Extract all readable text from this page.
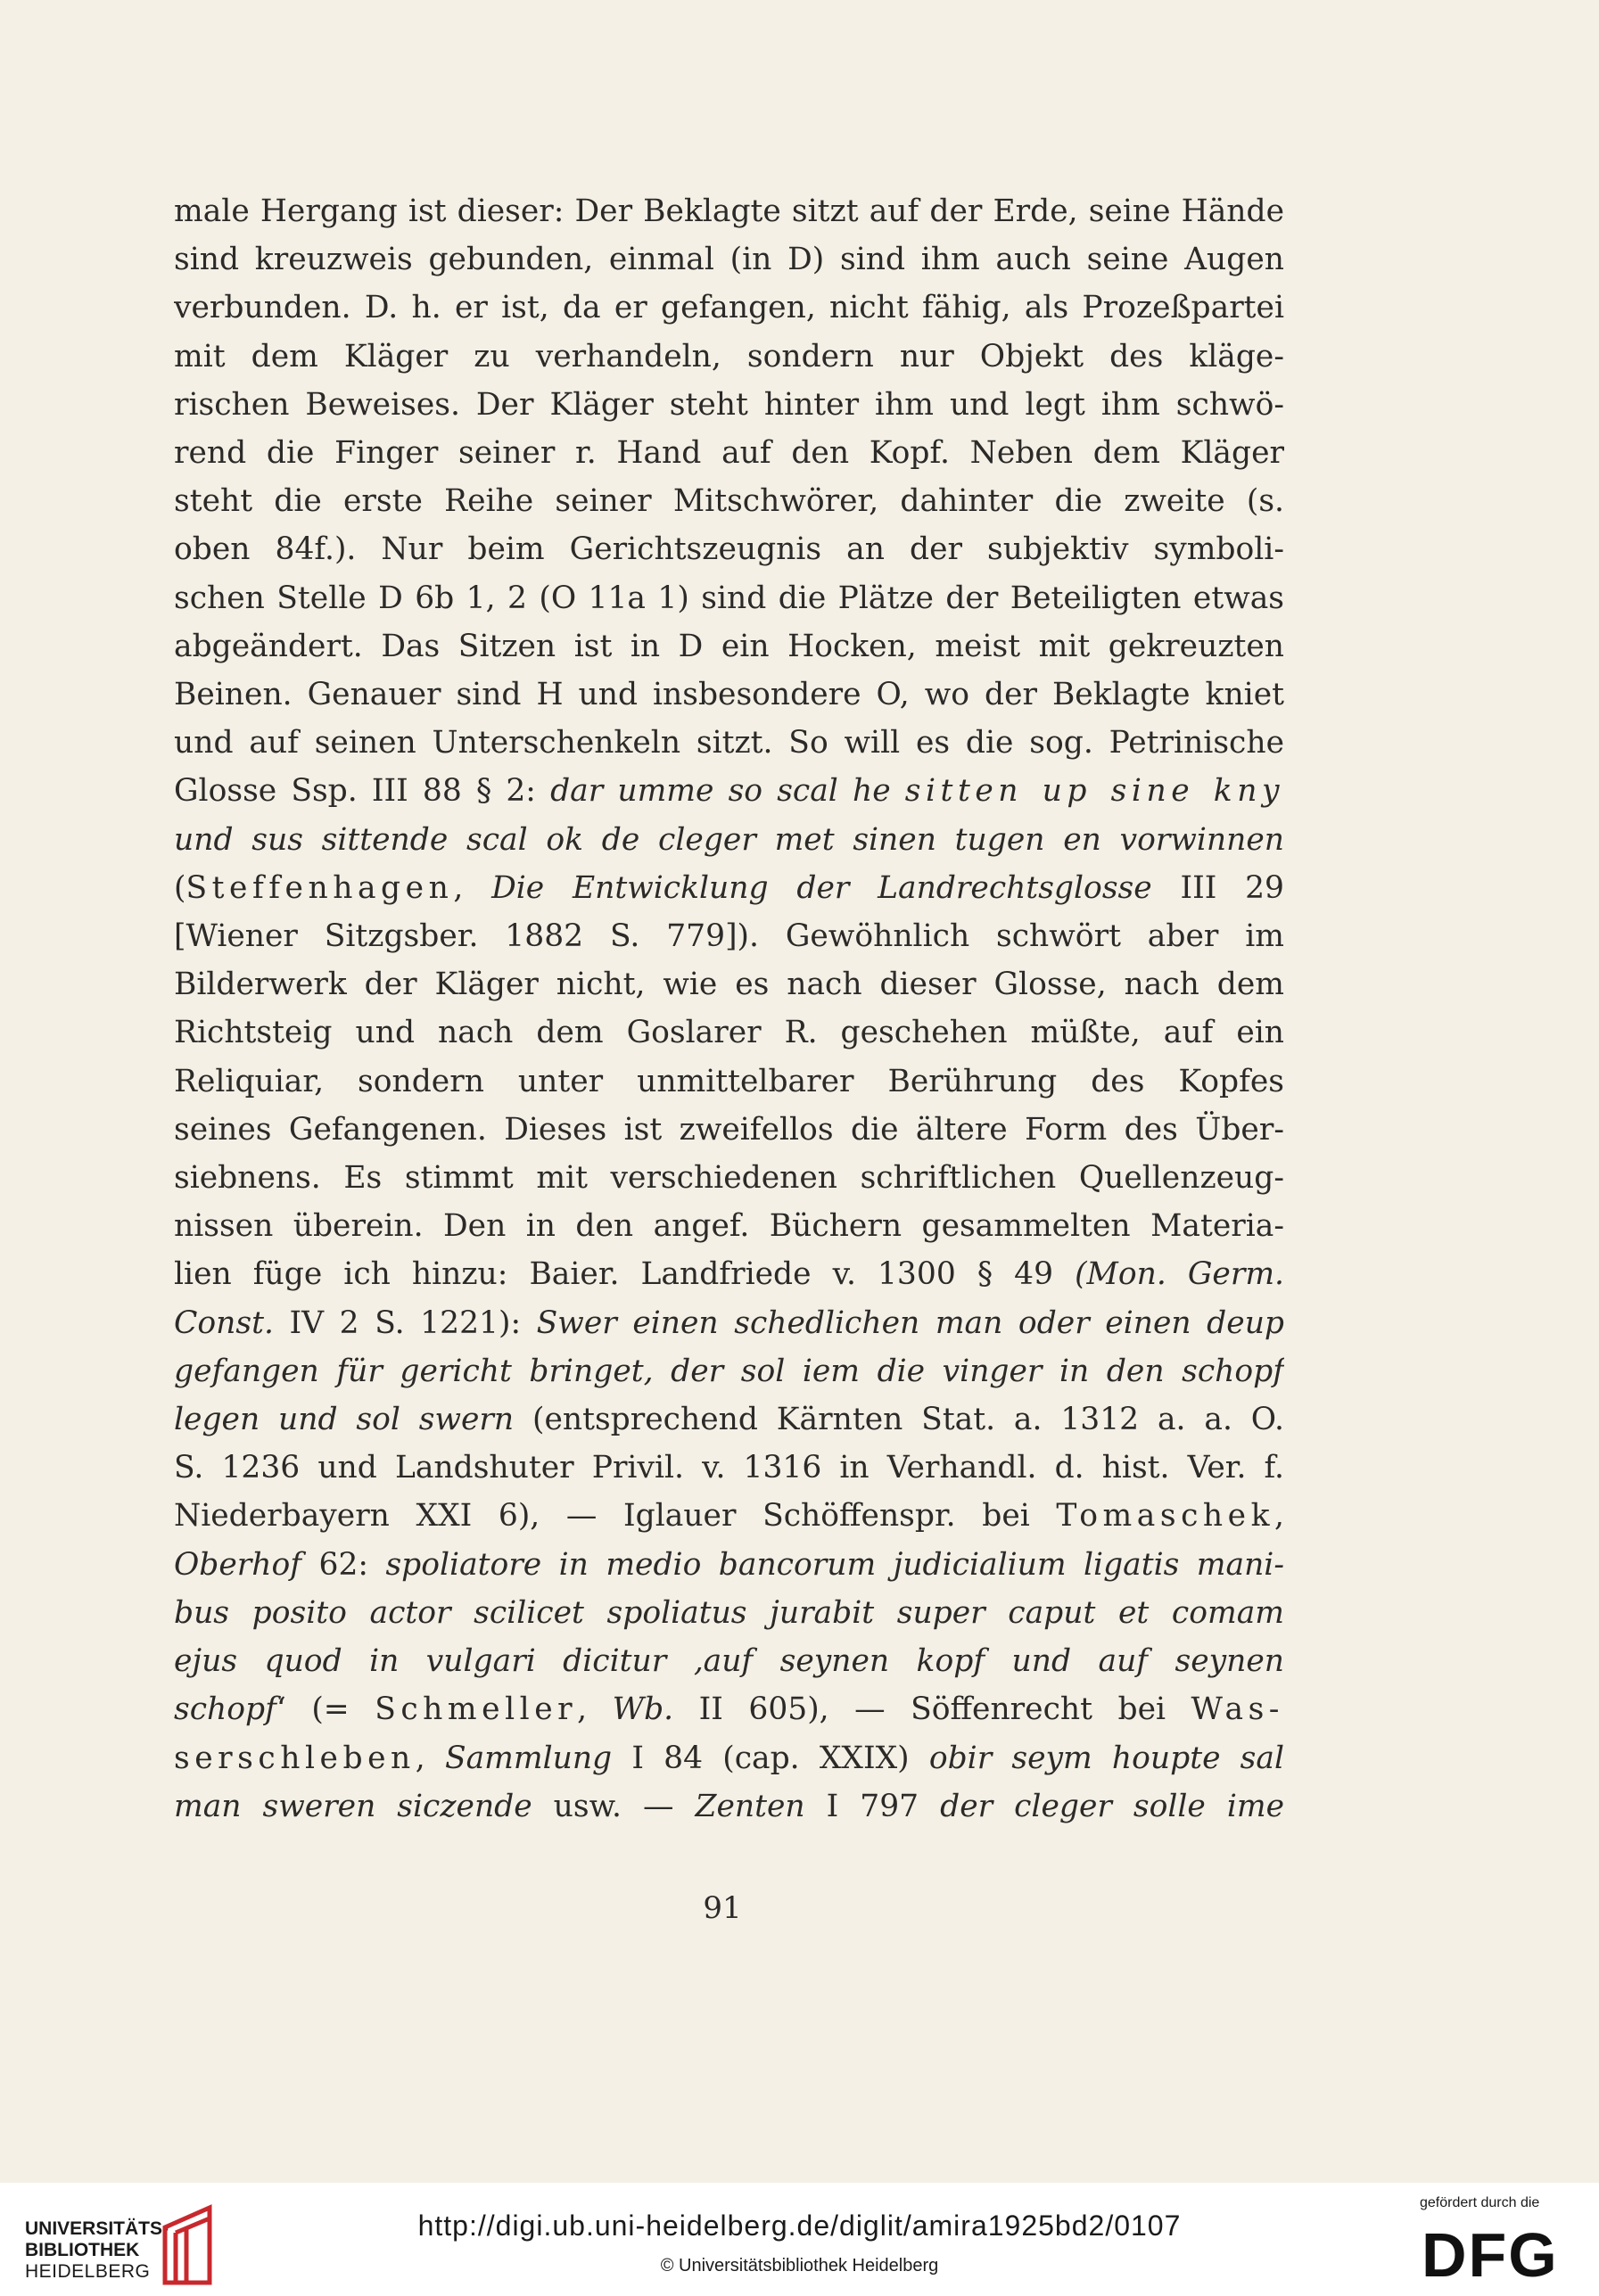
male Hergang ist dieser: Der Beklagte sitzt auf der Erde, seine Hände
sind kreuzweis gebunden, einmal (in D) sind ihm auch seine Augen
verbunden. D. h. er ist, da er gefangen, nicht fähig, als Prozeßpartei
mit dem Kläger zu verhandeln, sondern nur Objekt des kläge-
rischen Beweises. Der Kläger steht hinter ihm und legt ihm schwö-
rend die Finger seiner r. Hand auf den Kopf. Neben dem Kläger
steht die erste Reihe seiner Mitschwörer, dahinter die zweite (s.
oben 84f.). Nur beim Gerichtszeugnis an der subjektiv symboli-
schen Stelle D 6b 1, 2 (O 11a 1) sind die Plätze der Beteiligten etwas
abgeändert. Das Sitzen ist in D ein Hocken, meist mit gekreuzten
Beinen. Genauer sind H und insbesondere O, wo der Beklagte kniet
und auf seinen Unterschenkeln sitzt. So will es die sog. Petrinische
Glosse Ssp. III 88 § 2: dar umme so scal he sitten up sine kny
und sus sittende scal ok de cleger met sinen tugen en vorwinnen
(Steffenhagen, Die Entwicklung der Landrechtsglosse III 29
[Wiener Sitzgsber. 1882 S. 779]). Gewöhnlich schwört aber im
Bilderwerk der Kläger nicht, wie es nach dieser Glosse, nach dem
Richtsteig und nach dem Goslarer R. geschehen müßte, auf ein
Reliquiar, sondern unter unmittelbarer Berührung des Kopfes
seines Gefangenen. Dieses ist zweifellos die ältere Form des Über-
siebnens. Es stimmt mit verschiedenen schriftlichen Quellenzeug-
nissen überein. Den in den angef. Büchern gesammelten Materia-
lien füge ich hinzu: Baier. Landfriede v. 1300 § 49 (Mon. Germ.
Const. IV 2 S. 1221): Swer einen schedlichen man oder einen deup
gefangen für gericht bringet, der sol iem die vinger in den schopf
legen und sol swern (entsprechend Kärnten Stat. a. 1312 a. a. O.
S. 1236 und Landshuter Privil. v. 1316 in Verhandl. d. hist. Ver. f.
Niederbayern XXI 6), — Iglauer Schöffenspr. bei Tomaschek,
Oberhof 62: spoliatore in medio bancorum judicialium ligatis mani-
bus posito actor scilicet spoliatus jurabit super caput et comam
ejus quod in vulgari dicitur ‚auf seynen kopf und auf seynen
schopf‘ (= Schmeller, Wb. II 605), — Söffenrecht bei Was-
serschleben, Sammlung I 84 (cap. XXIX) obir seym houpte sal
man sweren siczende usw. — Zenten I 797 der cleger solle ime
91
UNIVERSITÄTS-
BIBLIOTHEK
HEIDELBERG
http://digi.ub.uni-heidelberg.de/diglit/amira1925bd2/0107
© Universitätsbibliothek Heidelberg
gefördert durch die
DFG
